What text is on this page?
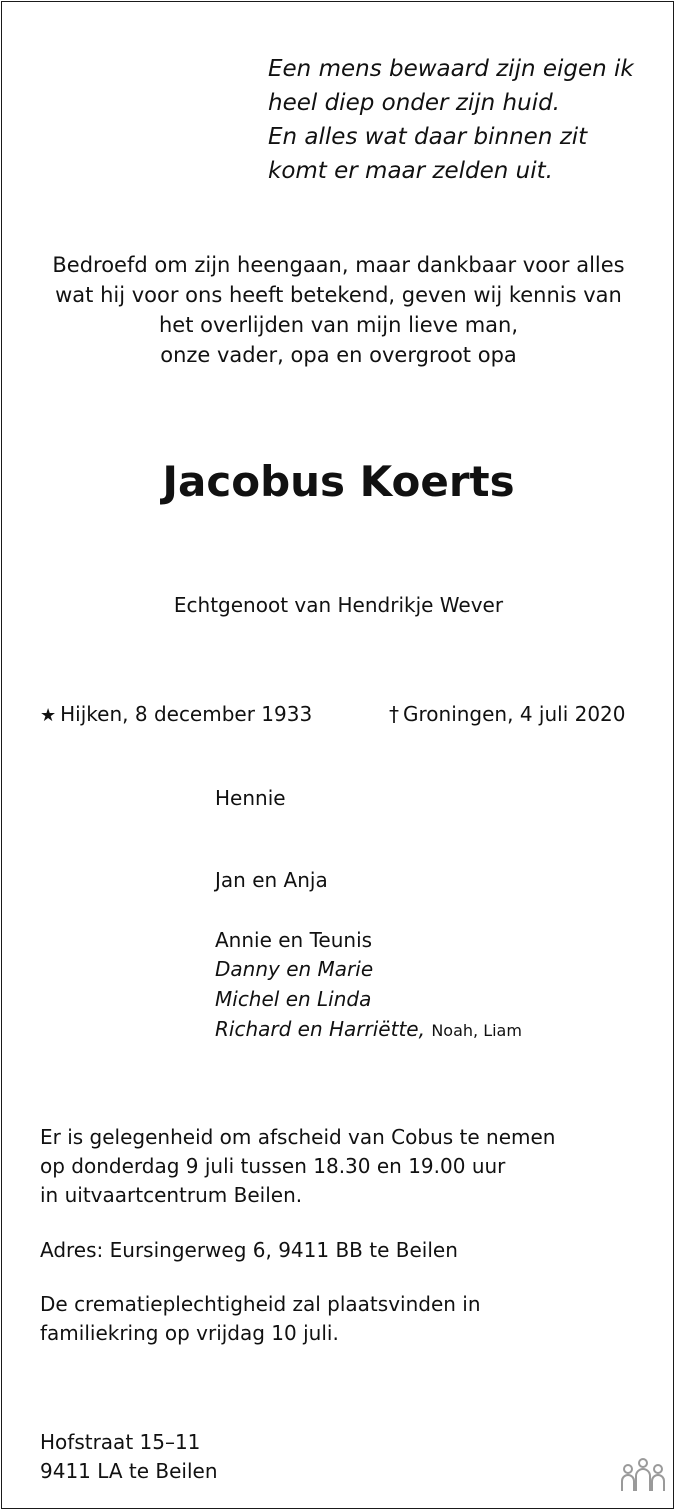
Een mens bewaard zijn eigen ik
heel diep onder zijn huid.
En alles wat daar binnen zit
komt er maar zelden uit.
Bedroefd om zijn heengaan, maar dankbaar voor alles
wat hij voor ons heeft betekend, geven wij kennis van
het overlijden van mijn lieve man,
onze vader, opa en overgroot opa
Jacobus Koerts
Echtgenoot van Hendrikje Wever
★ Hijken, 8 december 1933	† Groningen, 4 juli 2020
Hennie
Jan en Anja
Annie en Teunis
Danny en Marie
Michel en Linda
Richard en Harriëtte, Noah, Liam
Er is gelegenheid om afscheid van Cobus te nemen
op donderdag 9 juli tussen 18.30 en 19.00 uur
in uitvaartcentrum Beilen.
Adres: Eursingerweg 6, 9411 BB te Beilen
De crematieplechtigheid zal plaatsvinden in
familiekring op vrijdag 10 juli.
Hofstraat 15–11
9411 LA te Beilen
